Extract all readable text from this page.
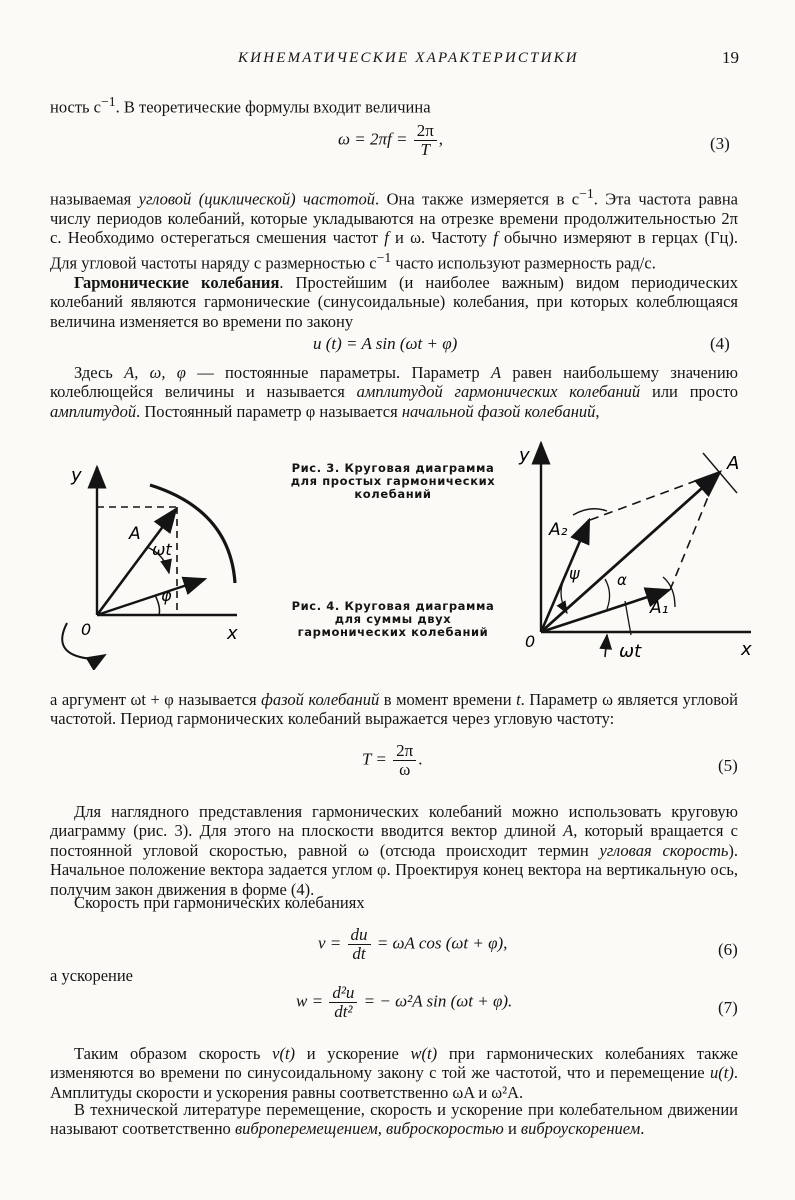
КИНЕМАТИЧЕСКИЕ ХАРАКТЕРИСТИКИ	19

ность $с^{-1}$. В теоретические формулы входит величина

$\omega = 2\pi f = \frac{2\pi}{T}$ ,	(3)

называемая угловой (циклической) частотой. Она также измеряется в $с^{-1}$. Эта частота равна числу периодов колебаний, которые укладываются на отрезке времени продолжительностью 2π с. Необходимо остерегаться смешения частот f и ω. Частоту f обычно измеряют в герцах (Гц). Для угловой частоты наряду с размерностью $с^{-1}$ часто используют размерность рад/с.

Гармонические колебания. Простейшим (и наиболее важным) видом периодических колебаний являются гармонические (синусоидальные) колебания, при которых колеблющаяся величина изменяется во времени по закону

u (t) = A sin (ωt + φ)	(4)

Здесь A, ω, φ — постоянные параметры. Параметр A равен наибольшему значению колеблющейся величины и называется амплитудой гармонических колебаний или просто амплитудой. Постоянный параметр φ называется начальной фазой колебаний,

y
0	x
A
ωt
φ
Рис. 3. Круговая диаграмма для простых гармонических колебаний
Рис. 4. Круговая диаграмма для суммы двух гармонических колебаний
y
0	x
A
A₁
A₂
ψ α
ωt

а аргумент ωt + φ называется фазой колебаний в момент времени t. Параметр ω является угловой частотой. Период гармонических колебаний выражается через угловую частоту:

$T = \frac{2\pi}{\omega}$ .	(5)

Для наглядного представления гармонических колебаний можно использовать круговую диаграмму (рис. 3). Для этого на плоскости вводится вектор длиной A, который вращается с постоянной угловой скоростью, равной ω (отсюда происходит термин угловая скорость). Начальное положение вектора задается углом φ. Проектируя конец вектора на вертикальную ось, получим закон движения в форме (4).

Скорость при гармонических колебаниях

$v = \frac{du}{dt} = \omega A$ cos (ωt + φ),	(6)

а ускорение

$w = \frac{\text{d²u}}{\text{dt²}}$ = − ω²A sin (ωt + φ).	(7)

Таким образом скорость v(t) и ускорение w(t) при гармонических колебаниях также изменяются во времени по синусоидальному закону с той же частотой, что и перемещение u(t). Амплитуды скорости и ускорения равны соответственно ωA и ω²A.

В технической литературе перемещение, скорость и ускорение при колебательном движении называют соответственно виброперемещением, виброскоростью и виброускорением.
